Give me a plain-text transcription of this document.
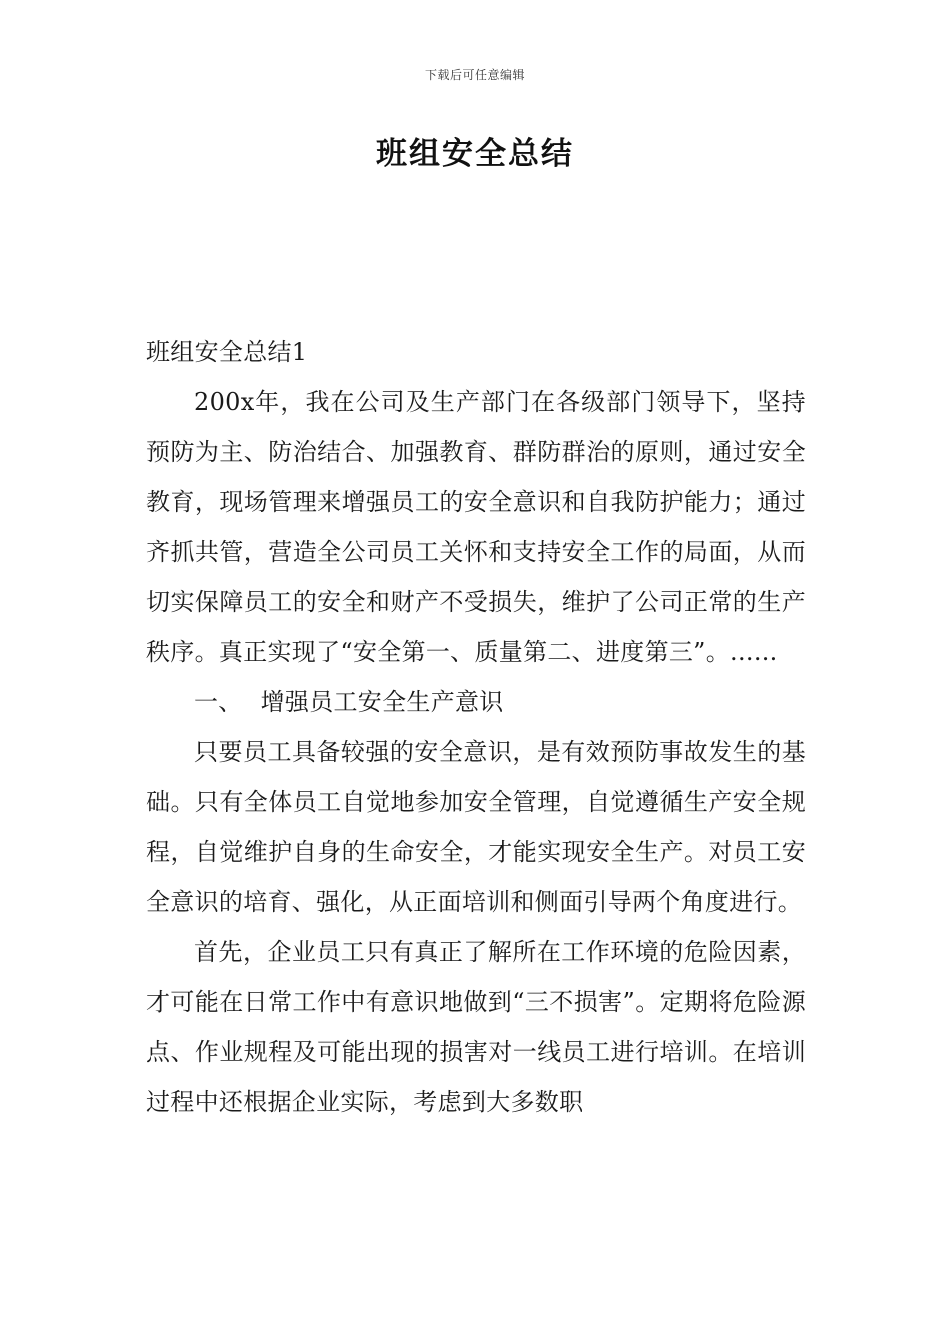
下载后可任意编辑
班组安全总结

班组安全总结1

200x年，我在公司及生产部门在各级部门领导下，坚持预防为主、防治结合、加强教育、群防群治的原则，通过安全教育，现场管理来增强员工的安全意识和自我防护能力；通过齐抓共管，营造全公司员工关怀和支持安全工作的局面，从而切实保障员工的安全和财产不受损失，维护了公司正常的生产秩序。真正实现了“安全第一、质量第二、进度第三”。......

一、 增强员工安全生产意识

只要员工具备较强的安全意识，是有效预防事故发生的基础。只有全体员工自觉地参加安全管理，自觉遵循生产安全规程，自觉维护自身的生命安全，才能实现安全生产。对员工安全意识的培育、强化，从正面培训和侧面引导两个角度进行。

首先，企业员工只有真正了解所在工作环境的危险因素，才可能在日常工作中有意识地做到“三不损害”。定期将危险源点、作业规程及可能出现的损害对一线员工进行培训。在培训过程中还根据企业实际，考虑到大多数职
